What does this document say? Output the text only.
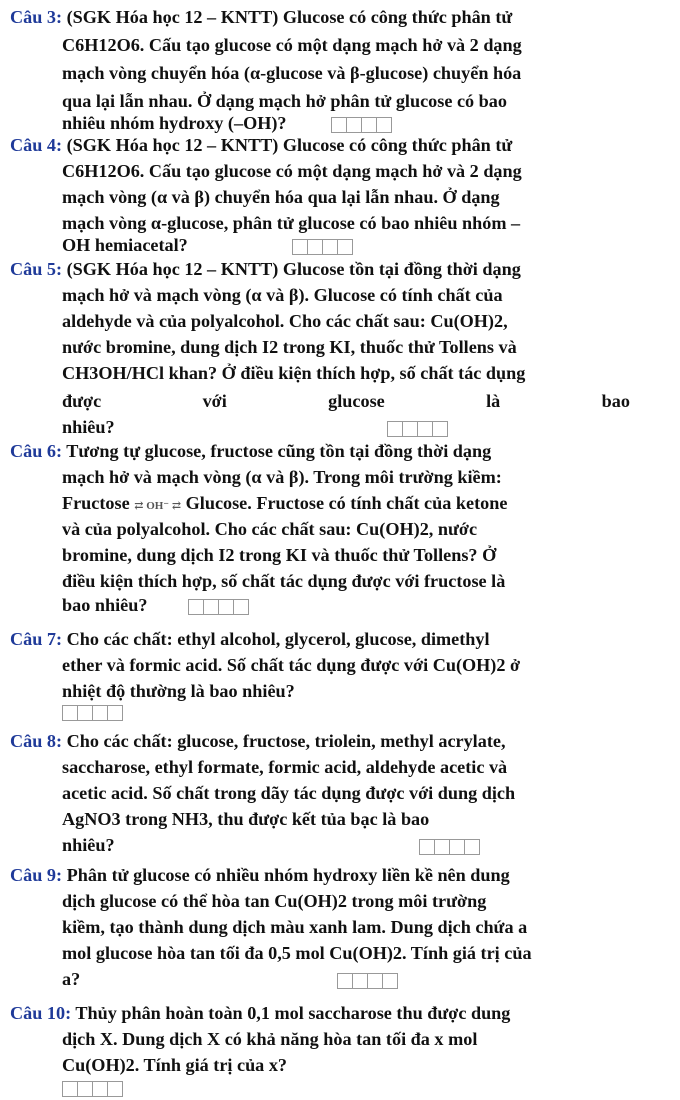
Câu 3: (SGK Hóa học 12 – KNTT) Glucose có công thức phân tử
C6H12O6. Cấu tạo glucose có một dạng mạch hở và 2 dạng
mạch vòng chuyển hóa (α-glucose và β-glucose) chuyển hóa
qua lại lẫn nhau. Ở dạng mạch hở phân tử glucose có bao
nhiêu nhóm hydroxy (–OH)?
Câu 4: (SGK Hóa học 12 – KNTT) Glucose có công thức phân tử
C6H12O6. Cấu tạo glucose có một dạng mạch hở và 2 dạng
mạch vòng (α và β) chuyển hóa qua lại lẫn nhau. Ở dạng
mạch vòng α-glucose, phân tử glucose có bao nhiêu nhóm –
OH hemiacetal?
Câu 5: (SGK Hóa học 12 – KNTT) Glucose tồn tại đồng thời dạng
mạch hở và mạch vòng (α và β). Glucose có tính chất của
aldehyde và của polyalcohol. Cho các chất sau: Cu(OH)2,
nước bromine, dung dịch I2 trong KI, thuốc thử Tollens và
CH3OH/HCl khan? Ở điều kiện thích hợp, số chất tác dụng
được	với	glucose	là	bao
nhiêu?
Câu 6: Tương tự glucose, fructose cũng tồn tại đồng thời dạng
mạch hở và mạch vòng (α và β). Trong môi trường kiềm:
Fructose ⇄ OH⁻ ⇄ Glucose. Fructose có tính chất của ketone
và của polyalcohol. Cho các chất sau: Cu(OH)2, nước
bromine, dung dịch I2 trong KI và thuốc thử Tollens? Ở
điều kiện thích hợp, số chất tác dụng được với fructose là
bao nhiêu?
Câu 7: Cho các chất: ethyl alcohol, glycerol, glucose, dimethyl
ether và formic acid. Số chất tác dụng được với Cu(OH)2 ở
nhiệt độ thường là bao nhiêu?
Câu 8: Cho các chất: glucose, fructose, triolein, methyl acrylate,
saccharose, ethyl formate, formic acid, aldehyde acetic và
acetic acid. Số chất trong dãy tác dụng được với dung dịch
AgNO3 trong NH3, thu được kết tủa bạc là bao
nhiêu?
Câu 9: Phân tử glucose có nhiều nhóm hydroxy liền kề nên dung
dịch glucose có thể hòa tan Cu(OH)2 trong môi trường
kiềm, tạo thành dung dịch màu xanh lam. Dung dịch chứa a
mol glucose hòa tan tối đa 0,5 mol Cu(OH)2. Tính giá trị của
a?
Câu 10: Thủy phân hoàn toàn 0,1 mol saccharose thu được dung
dịch X. Dung dịch X có khả năng hòa tan tối đa x mol
Cu(OH)2. Tính giá trị của x?
